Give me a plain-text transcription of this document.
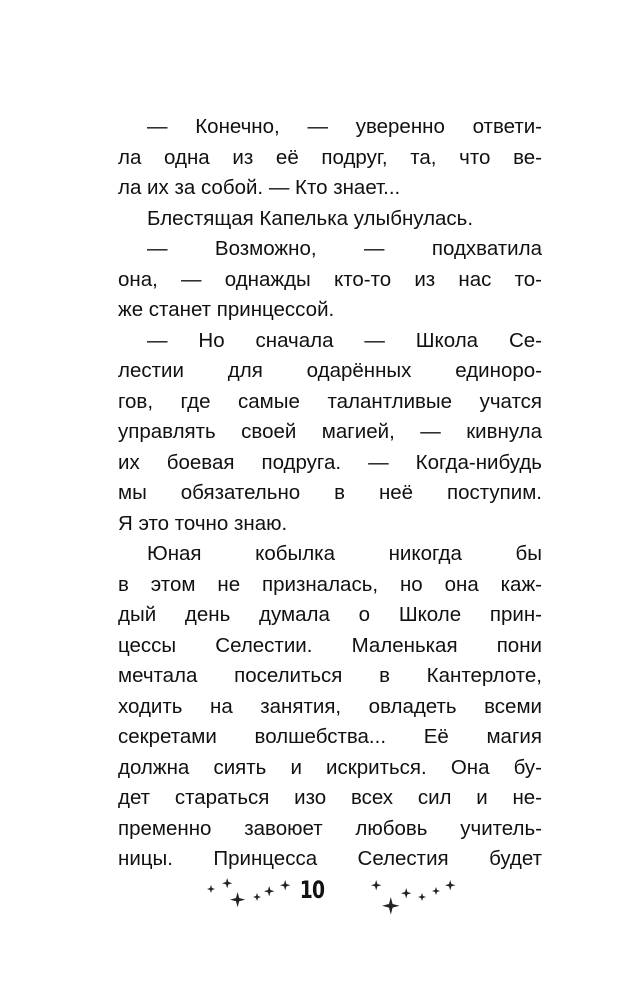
— Конечно, — уверенно ответи-
ла одна из её подруг, та, что ве-
ла их за собой. — Кто знает...
Блестящая Капелька улыбнулась.
— Возможно, — подхватила
она, — однажды кто-то из нас то-
же станет принцессой.
— Но сначала — Школа Се-
лестии для одарённых единоро-
гов, где самые талантливые учатся
управлять своей магией, — кивнула
их боевая подруга. — Когда-нибудь
мы обязательно в неё поступим.
Я это точно знаю.
Юная кобылка никогда бы
в этом не призналась, но она каж-
дый день думала о Школе прин-
цессы Селестии. Маленькая пони
мечтала поселиться в Кантерлоте,
ходить на занятия, овладеть всеми
секретами волшебства... Её магия
должна сиять и искриться. Она бу-
дет стараться изо всех сил и не-
пременно завоюет любовь учитель-
ницы. Принцесса Селестия будет
10
